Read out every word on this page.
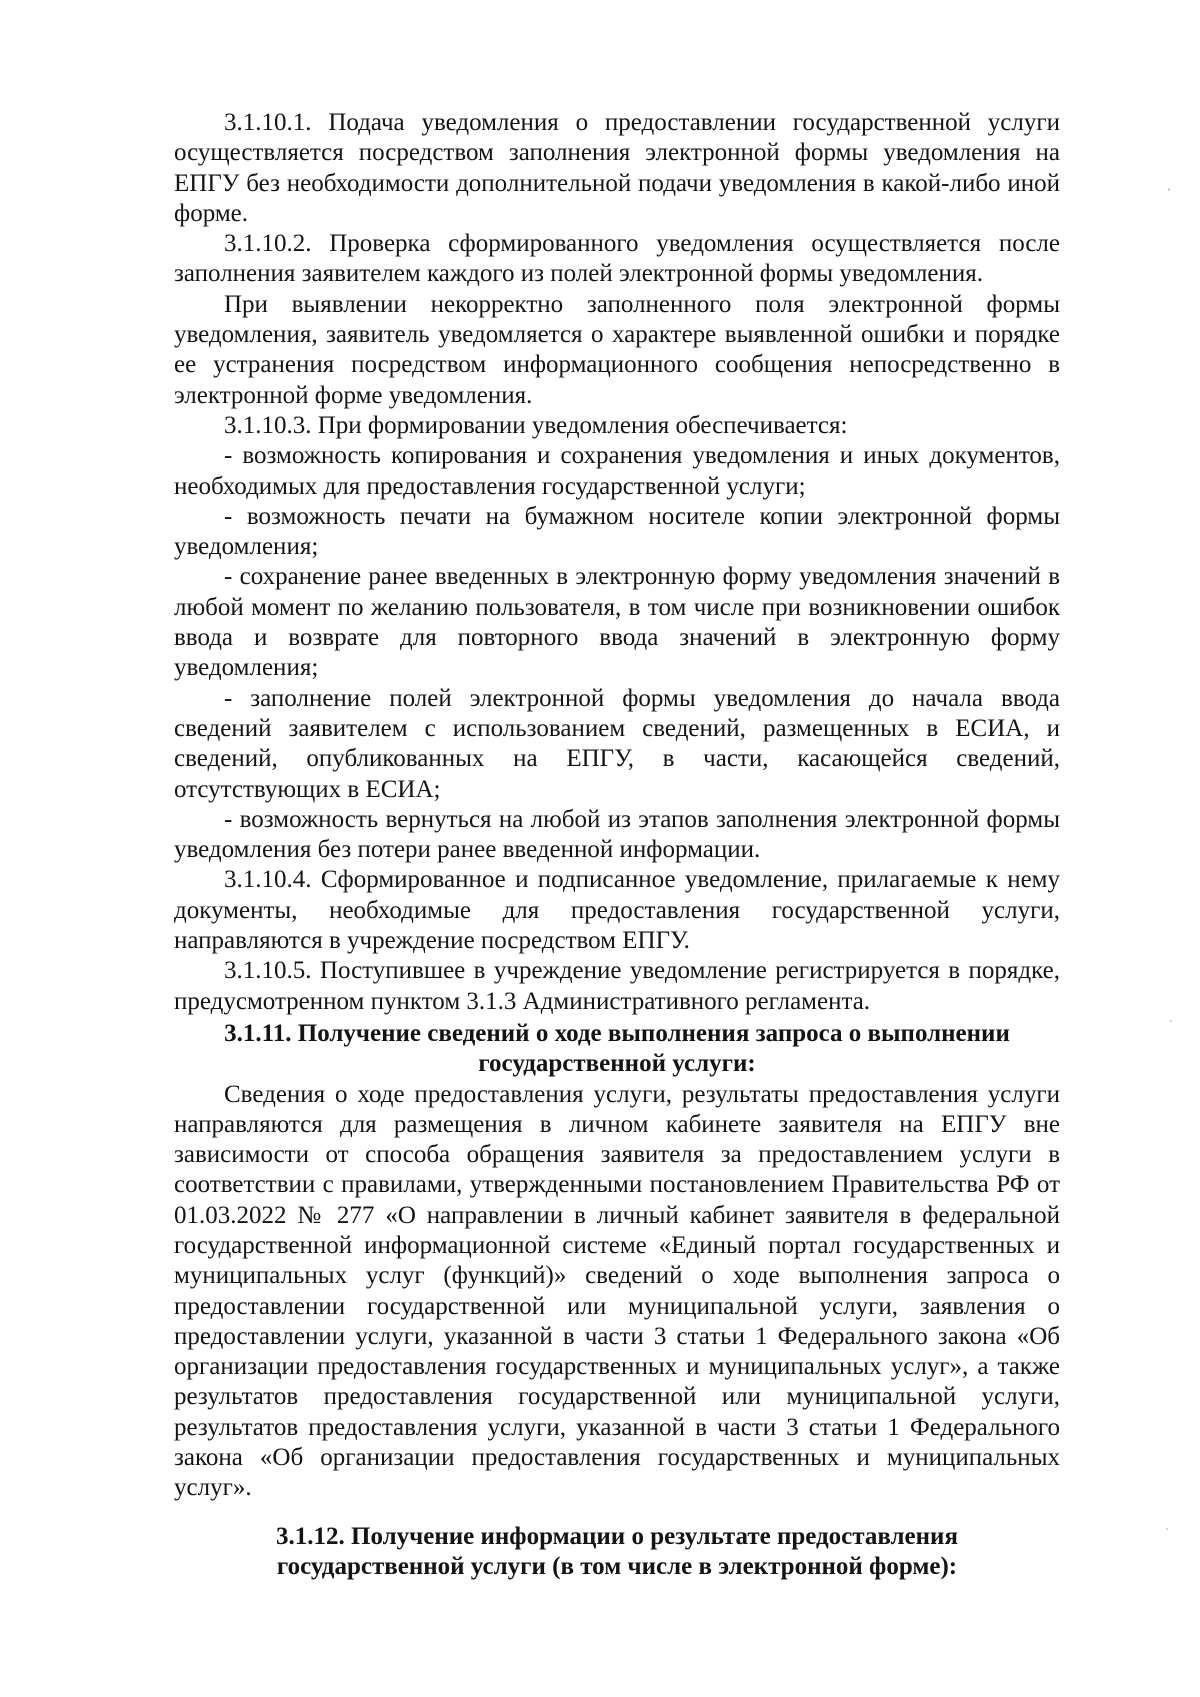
3.1.10.1. Подача уведомления о предоставлении государственной услуги осуществляется посредством заполнения электронной формы уведомления на ЕПГУ без необходимости дополнительной подачи уведомления в какой-либо иной форме.

3.1.10.2. Проверка сформированного уведомления осуществляется после заполнения заявителем каждого из полей электронной формы уведомления.

При выявлении некорректно заполненного поля электронной формы уведомления, заявитель уведомляется о характере выявленной ошибки и порядке ее устранения посредством информационного сообщения непосредственно в электронной форме уведомления.

3.1.10.3. При формировании уведомления обеспечивается:

- возможность копирования и сохранения уведомления и иных документов, необходимых для предоставления государственной услуги;

- возможность печати на бумажном носителе копии электронной формы уведомления;

- сохранение ранее введенных в электронную форму уведомления значений в любой момент по желанию пользователя, в том числе при возникновении ошибок ввода и возврате для повторного ввода значений в электронную форму уведомления;

- заполнение полей электронной формы уведомления до начала ввода сведений заявителем с использованием сведений, размещенных в ЕСИА, и сведений, опубликованных на ЕПГУ, в части, касающейся сведений, отсутствующих в ЕСИА;

- возможность вернуться на любой из этапов заполнения электронной формы уведомления без потери ранее введенной информации.

3.1.10.4. Сформированное и подписанное уведомление, прилагаемые к нему документы, необходимые для предоставления государственной услуги, направляются в учреждение посредством ЕПГУ.

3.1.10.5. Поступившее в учреждение уведомление регистрируется в порядке, предусмотренном пунктом 3.1.3 Административного регламента.

3.1.11. Получение сведений о ходе выполнения запроса о выполнении
государственной услуги:

Сведения о ходе предоставления услуги, результаты предоставления услуги направляются для размещения в личном кабинете заявителя на ЕПГУ вне зависимости от способа обращения заявителя за предоставлением услуги в соответствии с правилами, утвержденными постановлением Правительства РФ от 01.03.2022 № 277 «О направлении в личный кабинет заявителя в федеральной государственной информационной системе «Единый портал государственных и муниципальных услуг (функций)» сведений о ходе выполнения запроса о предоставлении государственной или муниципальной услуги, заявления о предоставлении услуги, указанной в части 3 статьи 1 Федерального закона «Об организации предоставления государственных и муниципальных услуг», а также результатов предоставления государственной или муниципальной услуги, результатов предоставления услуги, указанной в части 3 статьи 1 Федерального закона «Об организации предоставления государственных и муниципальных услуг».

3.1.12. Получение информации о результате предоставления
государственной услуги (в том числе в электронной форме):
